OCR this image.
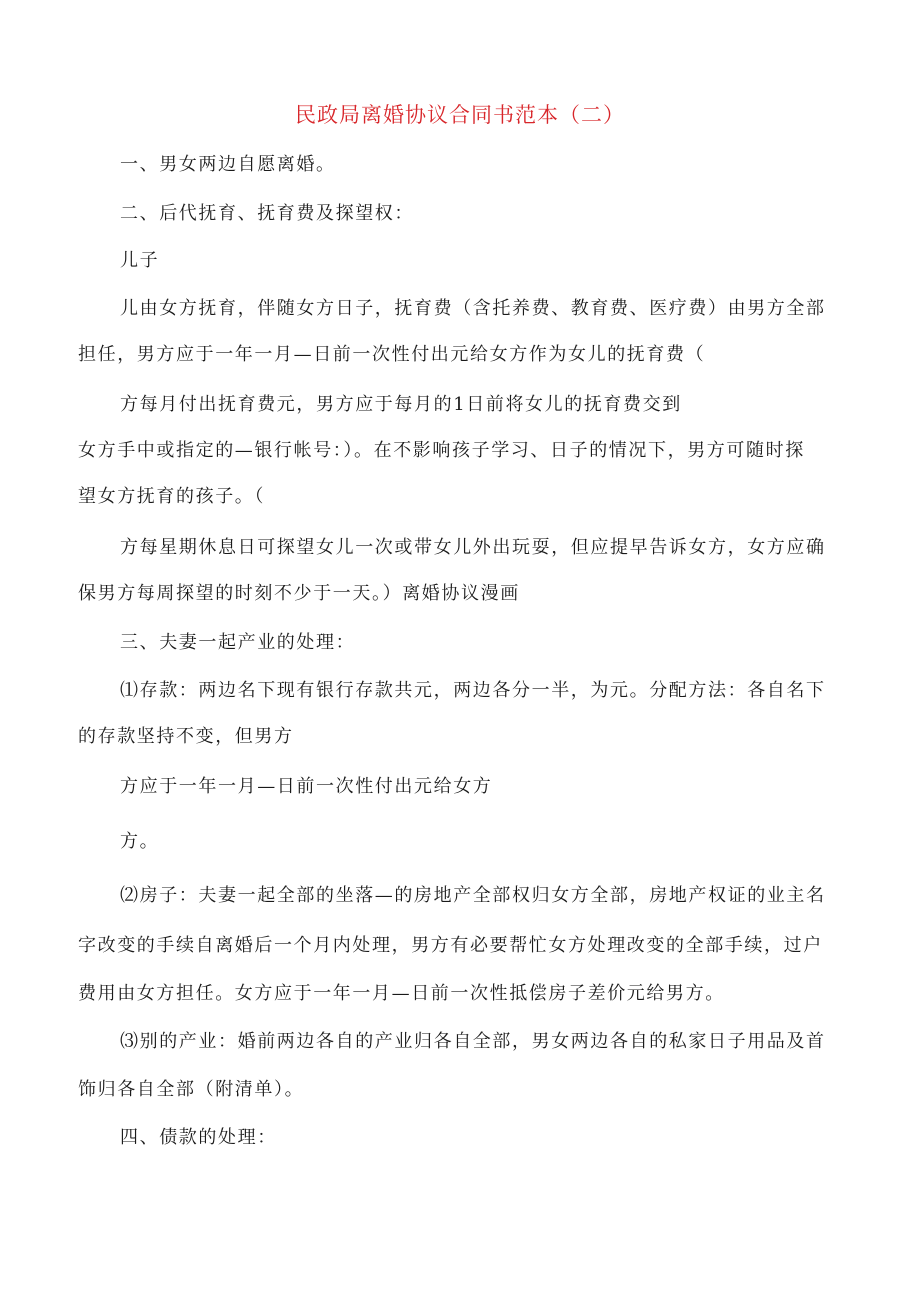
民政局离婚协议合同书范本（二）
一、男女两边自愿离婚。
二、后代抚育、抚育费及探望权：
儿子
儿由女方抚育，伴随女方日子，抚育费（含托养费、教育费、医疗费）由男方全部
担任，男方应于一年一月—日前一次性付出元给女方作为女儿的抚育费（
方每月付出抚育费元，男方应于每月的1日前将女儿的抚育费交到
女方手中或指定的—银行帐号：）。在不影响孩子学习、日子的情况下，男方可随时探
望女方抚育的孩子。（
方每星期休息日可探望女儿一次或带女儿外出玩耍，但应提早告诉女方，女方应确
保男方每周探望的时刻不少于一天。）离婚协议漫画
三、夫妻一起产业的处理：
⑴存款：两边名下现有银行存款共元，两边各分一半，为元。分配方法：各自名下
的存款坚持不变，但男方
方应于一年一月—日前一次性付出元给女方
方。
⑵房子：夫妻一起全部的坐落—的房地产全部权归女方全部，房地产权证的业主名
字改变的手续自离婚后一个月内处理，男方有必要帮忙女方处理改变的全部手续，过户
费用由女方担任。女方应于一年一月—日前一次性抵偿房子差价元给男方。
⑶别的产业：婚前两边各自的产业归各自全部，男女两边各自的私家日子用品及首
饰归各自全部（附清单）。
四、债款的处理：
